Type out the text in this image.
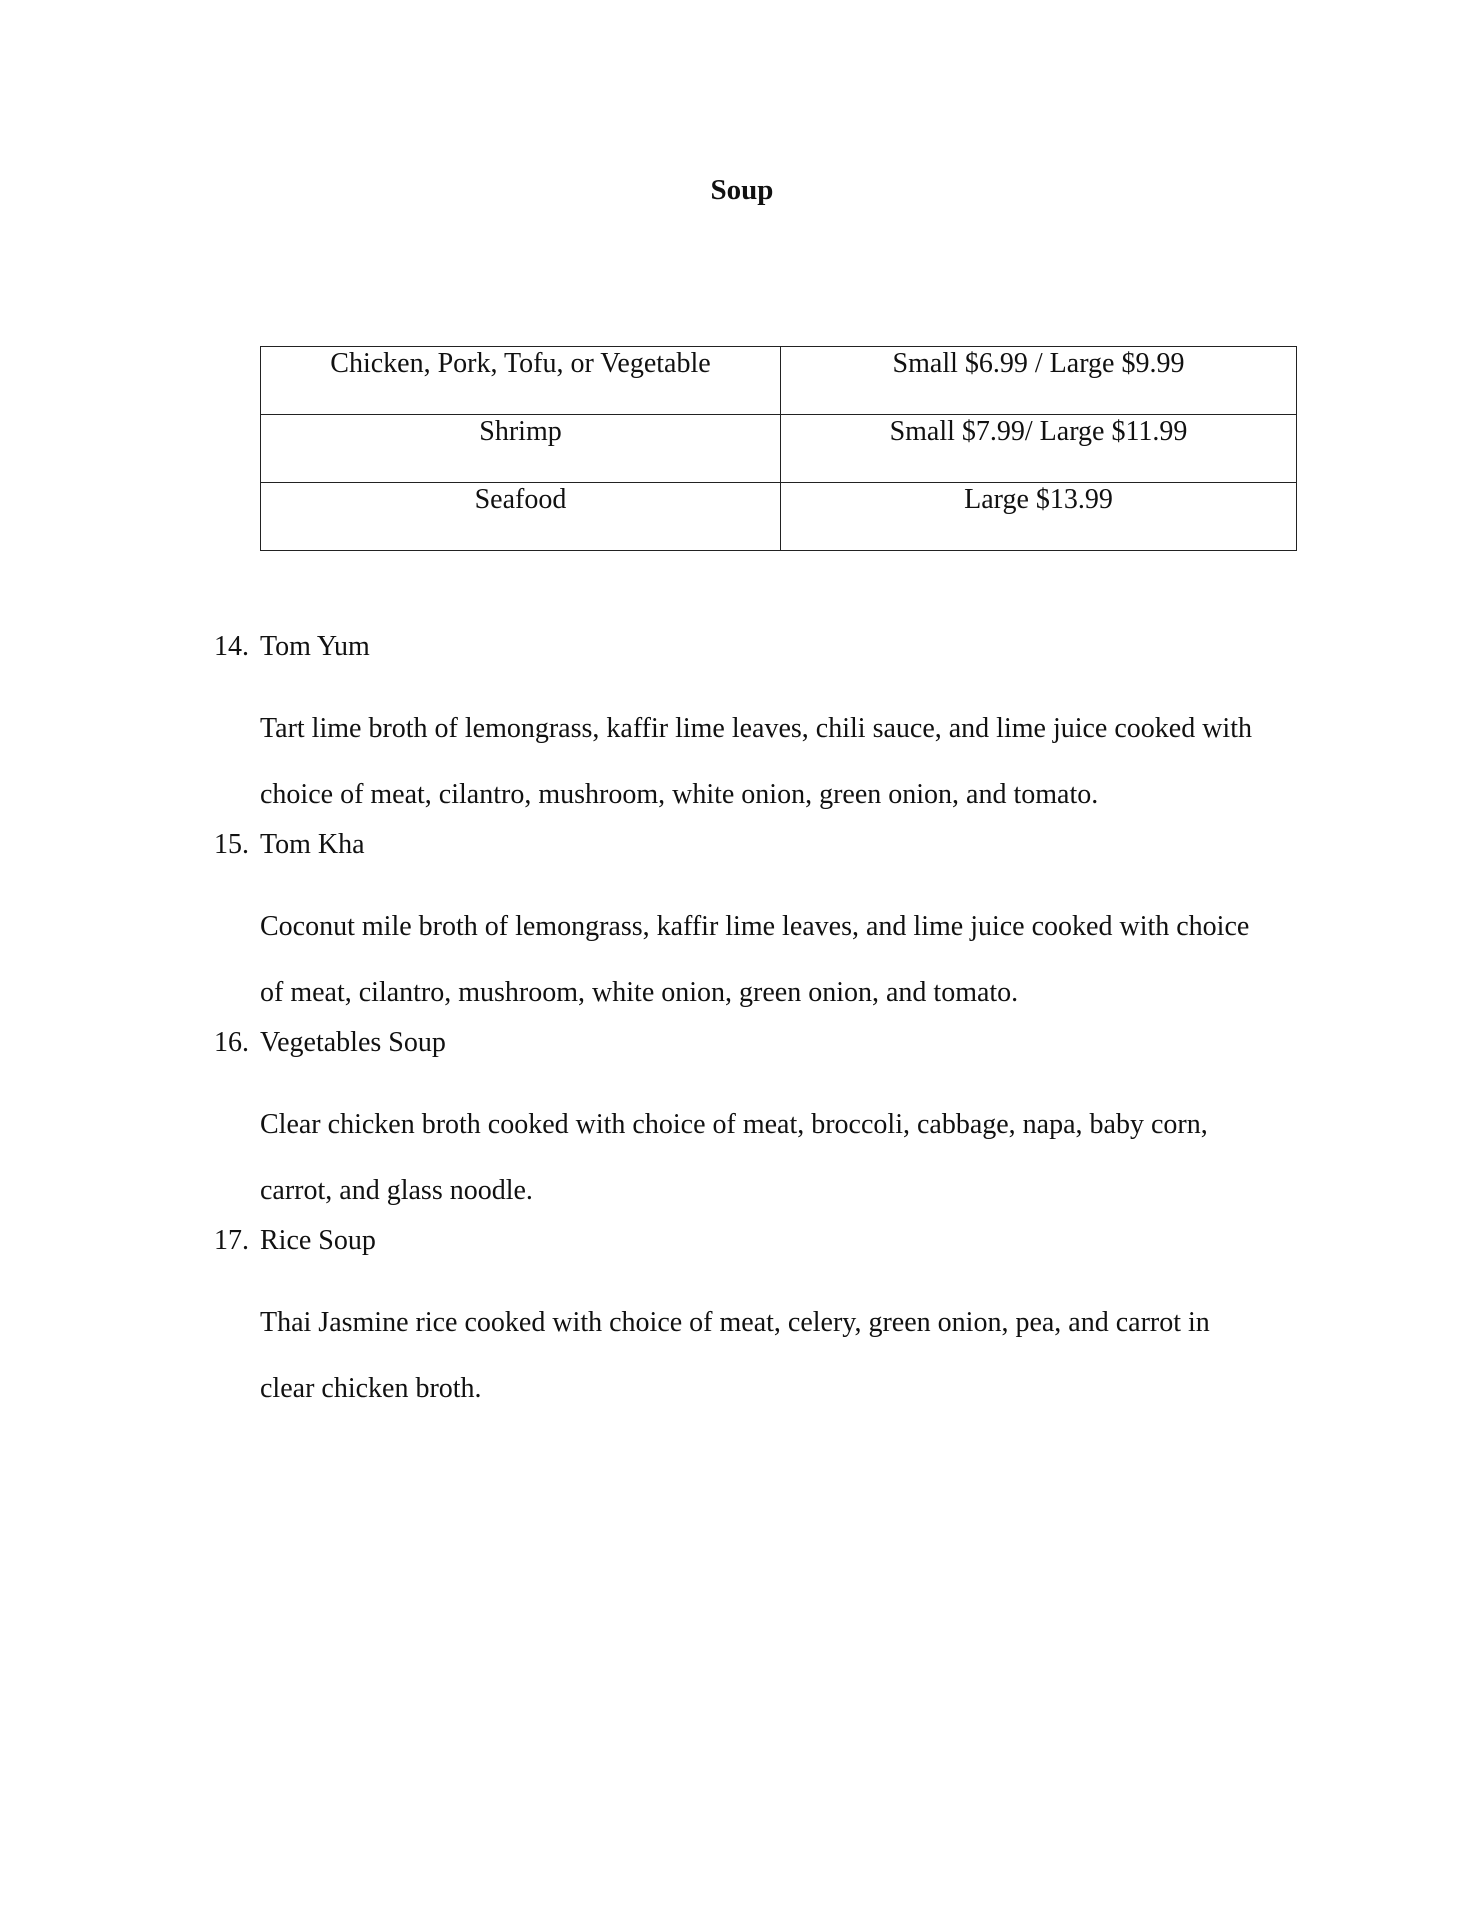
Soup
Chicken, Pork, Tofu, or Vegetable	Small $6.99 / Large $9.99

Shrimp	Small $7.99/ Large $11.99

Seafood	Large $13.99
14. Tom Yum

Tart lime broth of lemongrass, kaffir lime leaves, chili sauce, and lime juice cooked with
choice of meat, cilantro, mushroom, white onion, green onion, and tomato.

15. Tom Kha

Coconut mile broth of lemongrass, kaffir lime leaves, and lime juice cooked with choice
of meat, cilantro, mushroom, white onion, green onion, and tomato.

16. Vegetables Soup

Clear chicken broth cooked with choice of meat, broccoli, cabbage, napa, baby corn,
carrot, and glass noodle.

17. Rice Soup

Thai Jasmine rice cooked with choice of meat, celery, green onion, pea, and carrot in
clear chicken broth.
